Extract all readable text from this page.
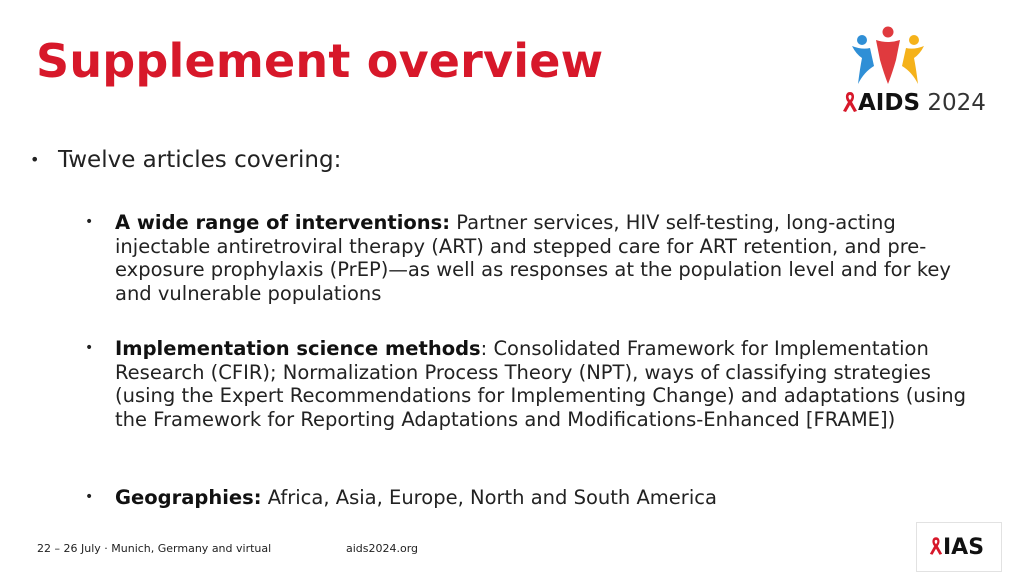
Supplement overview
AIDS 2024
• Twelve articles covering:
• A wide range of interventions: Partner services, HIV self-testing, long-acting injectable antiretroviral therapy (ART) and stepped care for ART retention, and pre-exposure prophylaxis (PrEP)—as well as responses at the population level and for key and vulnerable populations
• Implementation science methods: Consolidated Framework for Implementation Research (CFIR); Normalization Process Theory (NPT), ways of classifying strategies (using the Expert Recommendations for Implementing Change) and adaptations (using the Framework for Reporting Adaptations and Modifications-Enhanced [FRAME])
• Geographies: Africa, Asia, Europe, North and South America
22 – 26 July · Munich, Germany and virtual	aids2024.org	IAS
